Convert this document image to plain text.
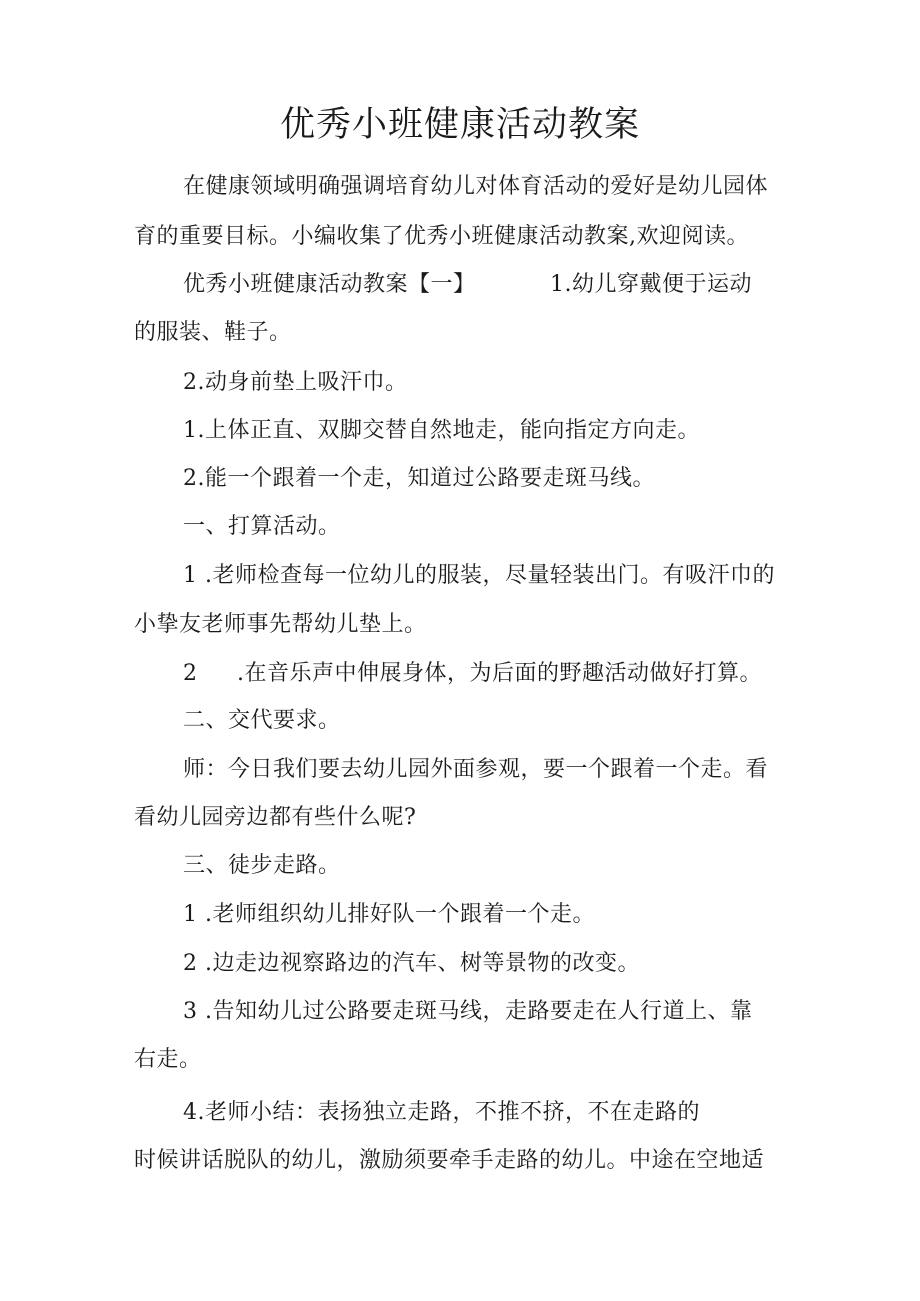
优秀小班健康活动教案
在健康领域明确强调培育幼儿对体育活动的爱好是幼儿园体
育的重要目标。小编收集了优秀小班健康活动教案,欢迎阅读。
优秀小班健康活动教案【一】	1.幼儿穿戴便于运动
的服装、鞋子。
2.动身前垫上吸汗巾。
1.上体正直、双脚交替自然地走，能向指定方向走。
2.能一个跟着一个走，知道过公路要走斑马线。
一、打算活动。
1 .老师检查每一位幼儿的服装，尽量轻装出门。有吸汗巾的
小挚友老师事先帮幼儿垫上。
2 .在音乐声中伸展身体，为后面的野趣活动做好打算。
二、交代要求。
师：今日我们要去幼儿园外面参观，要一个跟着一个走。看
看幼儿园旁边都有些什么呢?
三、徒步走路。
1 .老师组织幼儿排好队一个跟着一个走。
2 .边走边视察路边的汽车、树等景物的改变。
3 .告知幼儿过公路要走斑马线，走路要走在人行道上、靠
右走。
4.老师小结：表扬独立走路，不推不挤，不在走路的
时候讲话脱队的幼儿，激励须要牵手走路的幼儿。中途在空地适
